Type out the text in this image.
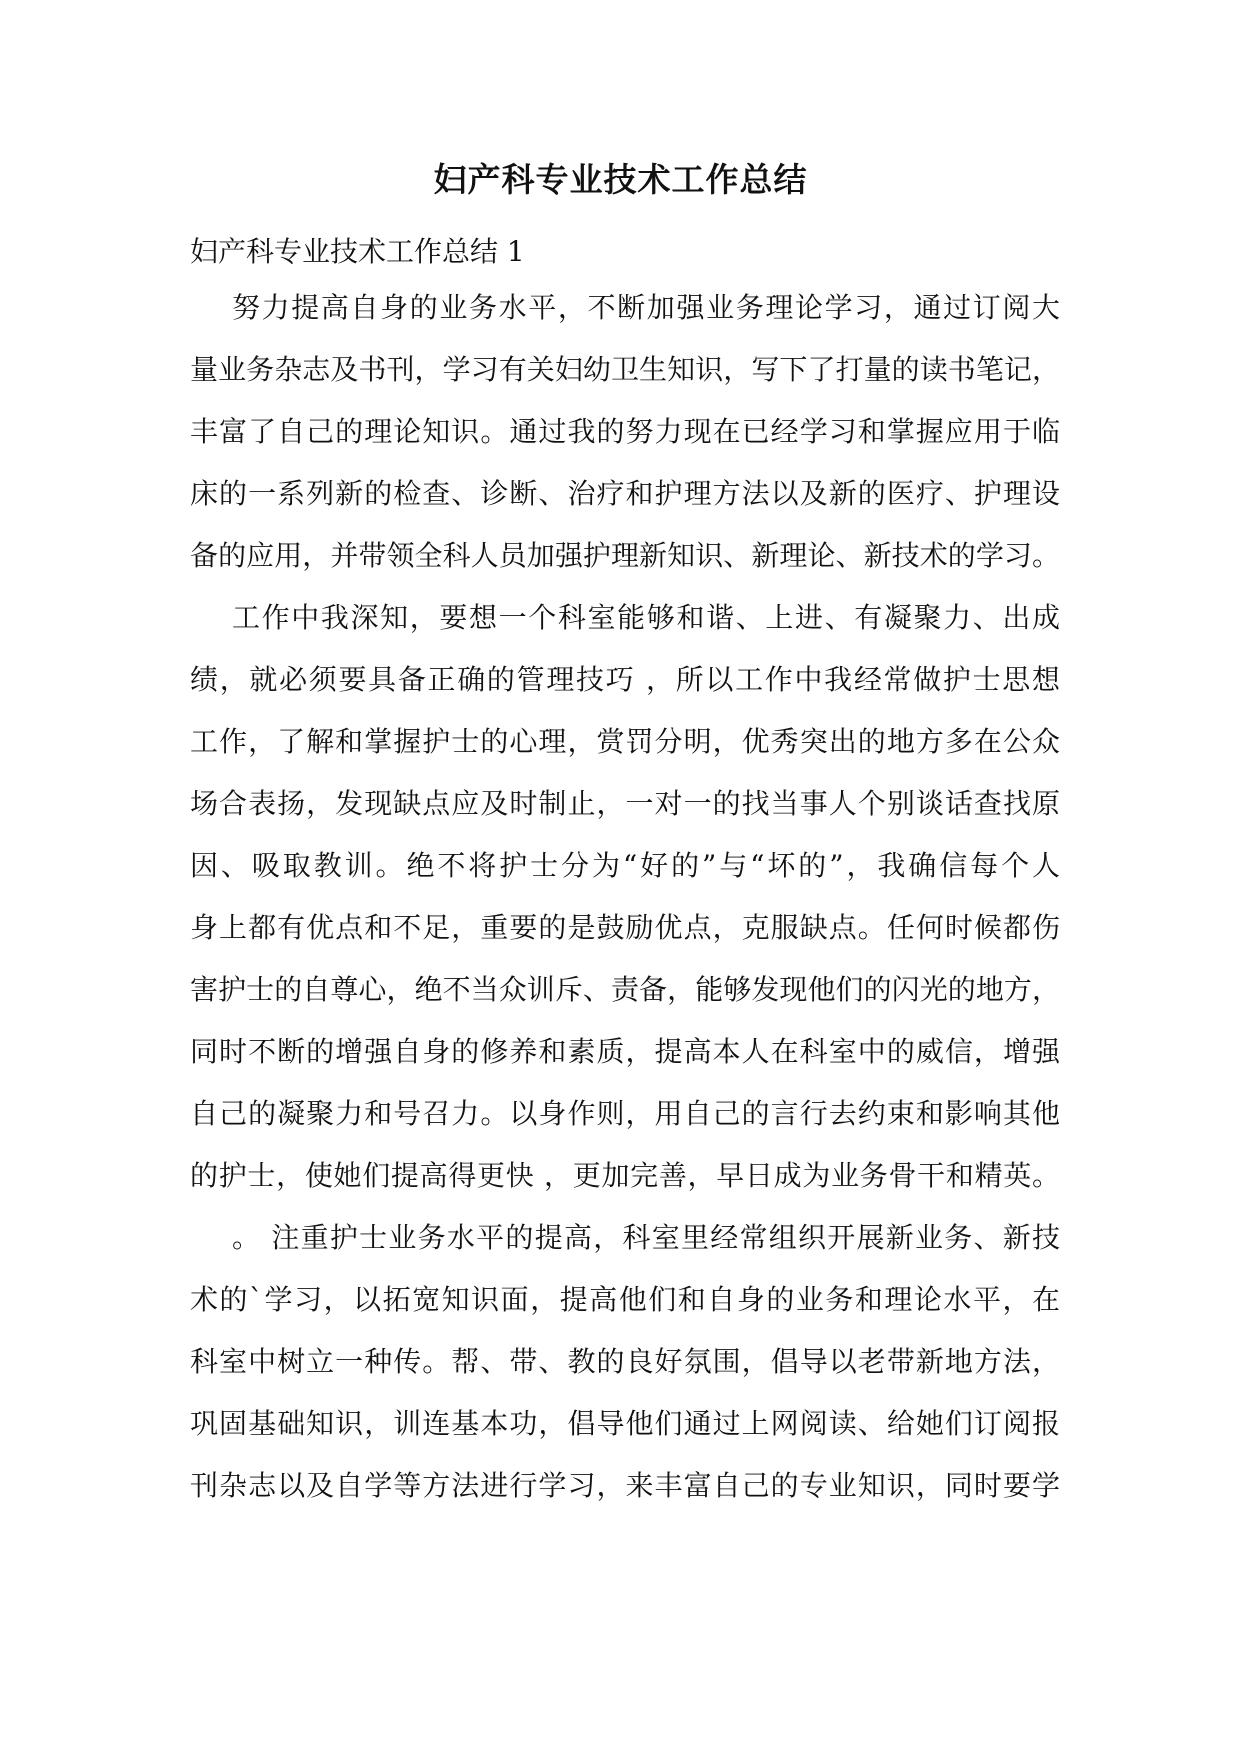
妇产科专业技术工作总结
妇产科专业技术工作总结 1
努力提高自身的业务水平，不断加强业务理论学习，通过订阅大
量业务杂志及书刊，学习有关妇幼卫生知识，写下了打量的读书笔记，
丰富了自己的理论知识。通过我的努力现在已经学习和掌握应用于临
床的一系列新的检查、诊断、治疗和护理方法以及新的医疗、护理设
备的应用，并带领全科人员加强护理新知识、新理论、新技术的学习。
工作中我深知，要想一个科室能够和谐、上进、有凝聚力、出成
绩，就必须要具备正确的管理技巧 ，所以工作中我经常做护士思想
工作，了解和掌握护士的心理，赏罚分明，优秀突出的地方多在公众
场合表扬，发现缺点应及时制止，一对一的找当事人个别谈话查找原
因、吸取教训。绝不将护士分为“好的”与“坏的”，我确信每个人
身上都有优点和不足，重要的是鼓励优点，克服缺点。任何时候都伤
害护士的自尊心，绝不当众训斥、责备，能够发现他们的闪光的地方，
同时不断的增强自身的修养和素质，提高本人在科室中的威信，增强
自己的凝聚力和号召力。以身作则，用自己的言行去约束和影响其他
的护士，使她们提高得更快 ，更加完善，早日成为业务骨干和精英。
。 注重护士业务水平的提高，科室里经常组织开展新业务、新技
术的`学习，以拓宽知识面，提高他们和自身的业务和理论水平，在
科室中树立一种传。帮、带、教的良好氛围，倡导以老带新地方法，
巩固基础知识，训连基本功，倡导他们通过上网阅读、给她们订阅报
刊杂志以及自学等方法进行学习，来丰富自己的专业知识，同时要学
